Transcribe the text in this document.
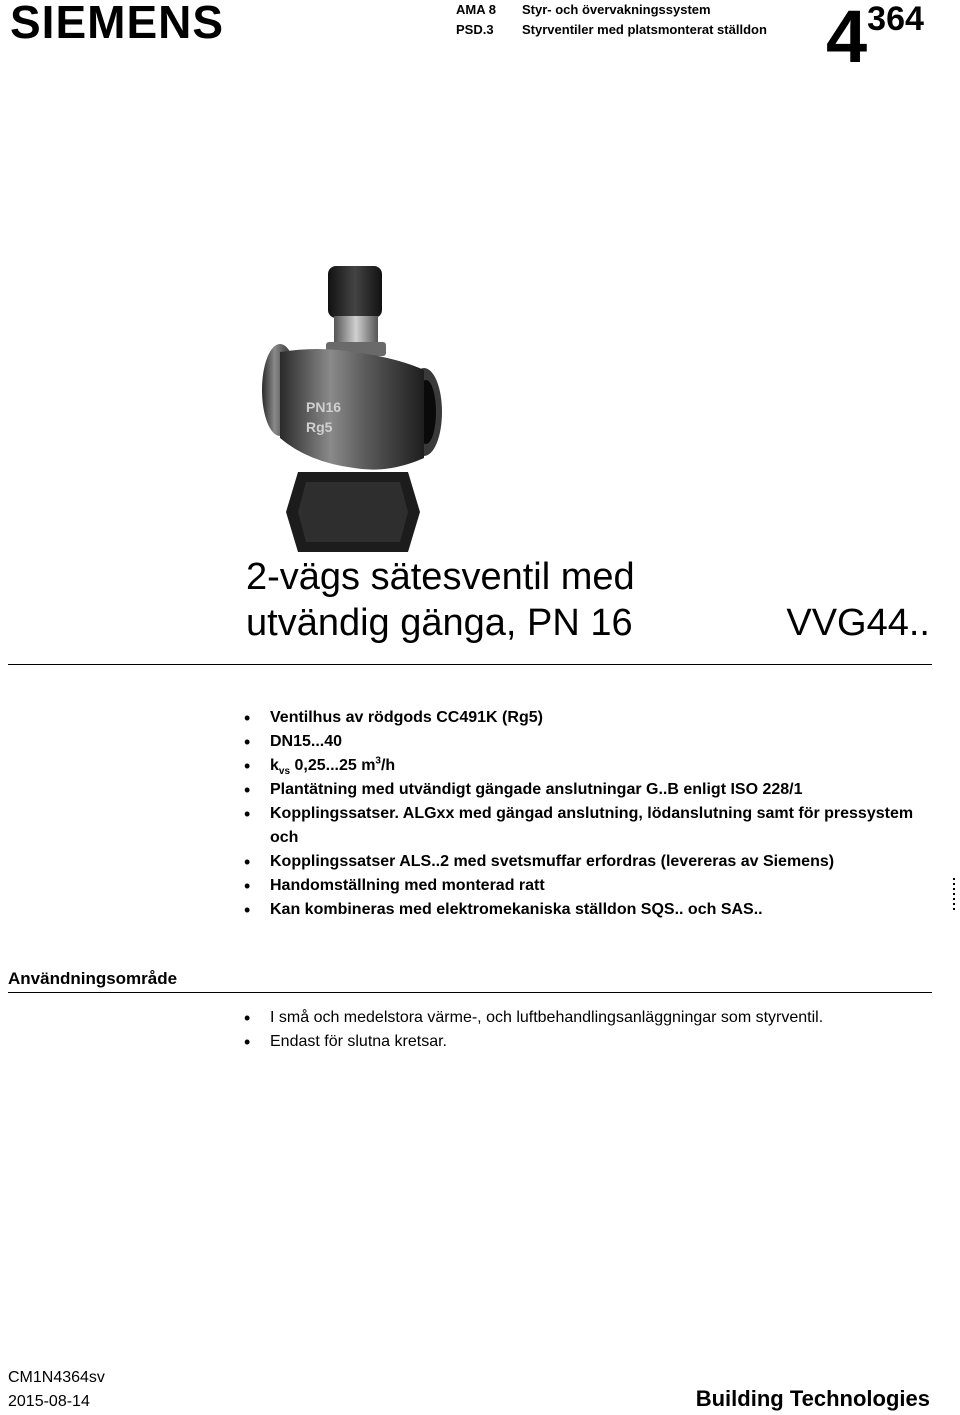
SIEMENS	AMA 8
PSD.3
Styr- och övervakningssystem
Styrventiler med platsmonterat ställdon 4364
PN16
Rg5
2-vägs sätesventil med
utvändig gänga, PN 16	VVG44..
• Ventilhus av rödgods CC491K (Rg5)
• DN15...40
• $k_{vs}$ 0,25...25 $m^3/h$
• Plantätning med utvändigt gängade anslutningar G..B enligt ISO 228/1
• Kopplingssatser. ALGxx med gängad anslutning, lödanslutning samt för pressystem och
• Kopplingssatser ALS..2 med svetsmuffar erfordras (levereras av Siemens)
• Handomställning med monterad ratt
• Kan kombineras med elektromekaniska ställdon SQS.. och SAS..
Användningsområde
• I små och medelstora värme-, och luftbehandlingsanläggningar som styrventil.
• Endast för slutna kretsar.
CM1N4364sv
2015-08-14	Building Technologies
